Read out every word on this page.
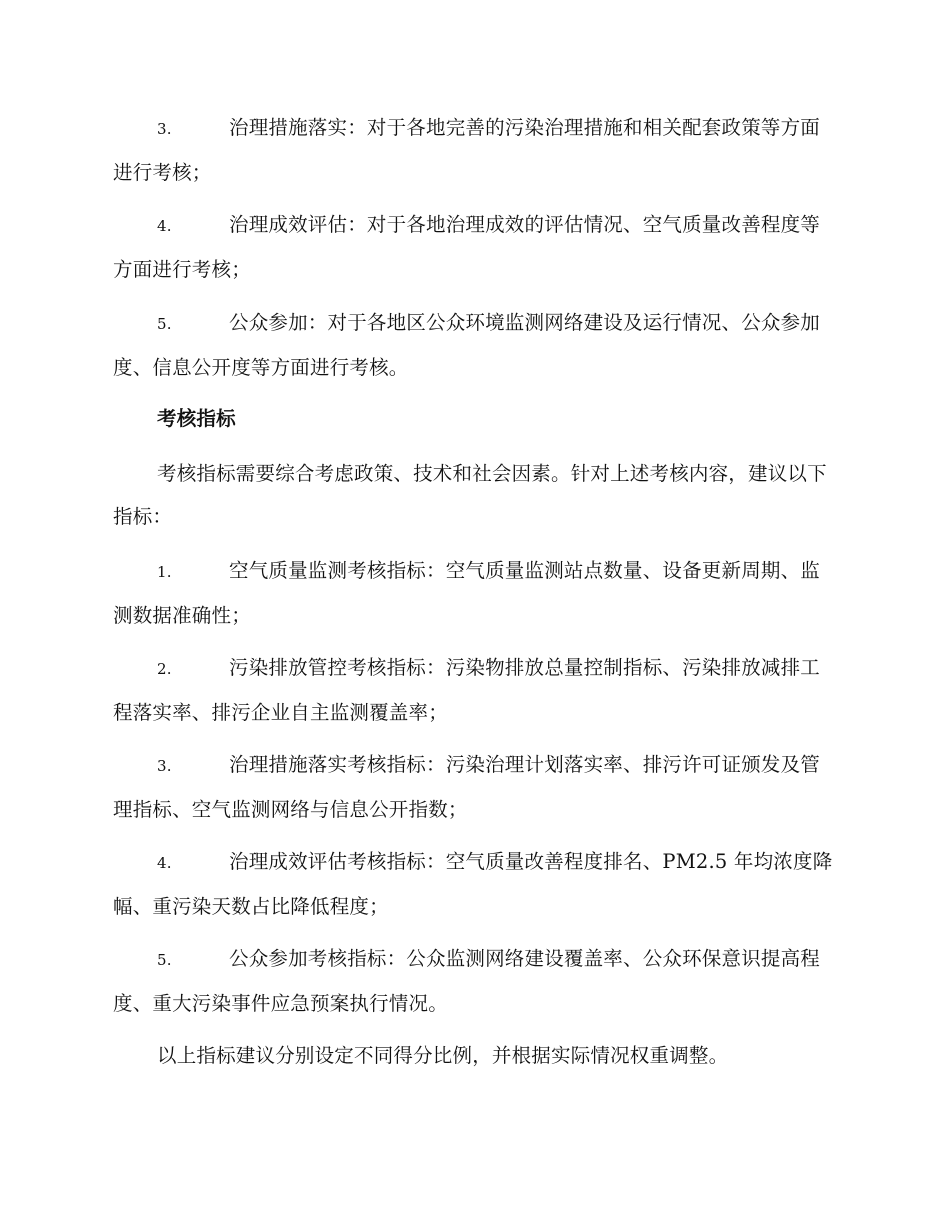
3.	治理措施落实：对于各地完善的污染治理措施和相关配套政策等方面进行考核；
4.	治理成效评估：对于各地治理成效的评估情况、空气质量改善程度等方面进行考核；
5.	公众参加：对于各地区公众环境监测网络建设及运行情况、公众参加度、信息公开度等方面进行考核。
考核指标
考核指标需要综合考虑政策、技术和社会因素。针对上述考核内容，建议以下指标：
1.	空气质量监测考核指标：空气质量监测站点数量、设备更新周期、监测数据准确性；
2.	污染排放管控考核指标：污染物排放总量控制指标、污染排放减排工程落实率、排污企业自主监测覆盖率；
3.	治理措施落实考核指标：污染治理计划落实率、排污许可证颁发及管理指标、空气监测网络与信息公开指数；
4.	治理成效评估考核指标：空气质量改善程度排名、PM2.5 年均浓度降幅、重污染天数占比降低程度；
5.	公众参加考核指标：公众监测网络建设覆盖率、公众环保意识提高程度、重大污染事件应急预案执行情况。
以上指标建议分别设定不同得分比例，并根据实际情况权重调整。
